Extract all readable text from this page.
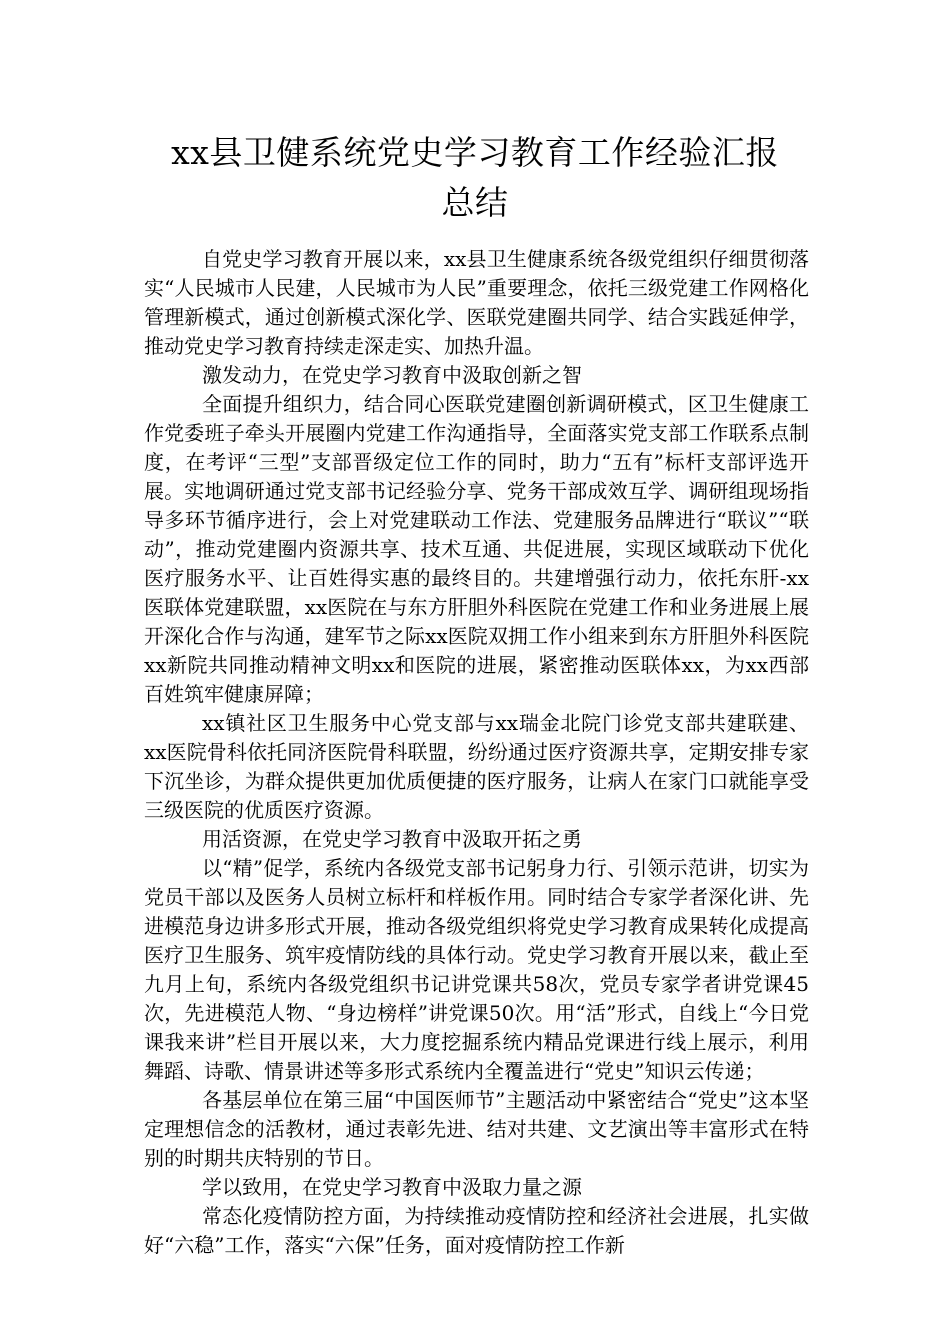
xx县卫健系统党史学习教育工作经验汇报
总结

自党史学习教育开展以来，xx县卫生健康系统各级党组织仔细贯彻落实“人民城市人民建，人民城市为人民”重要理念，依托三级党建工作网格化管理新模式，通过创新模式深化学、医联党建圈共同学、结合实践延伸学，推动党史学习教育持续走深走实、加热升温。

激发动力，在党史学习教育中汲取创新之智

全面提升组织力，结合同心医联党建圈创新调研模式，区卫生健康工作党委班子牵头开展圈内党建工作沟通指导，全面落实党支部工作联系点制度，在考评“三型”支部晋级定位工作的同时，助力“五有”标杆支部评选开展。实地调研通过党支部书记经验分享、党务干部成效互学、调研组现场指导多环节循序进行，会上对党建联动工作法、党建服务品牌进行“联议”“联动”，推动党建圈内资源共享、技术互通、共促进展，实现区域联动下优化医疗服务水平、让百姓得实惠的最终目的。共建增强行动力，依托东肝-xx医联体党建联盟，xx医院在与东方肝胆外科医院在党建工作和业务进展上展开深化合作与沟通，建军节之际xx医院双拥工作小组来到东方肝胆外科医院xx新院共同推动精神文明xx和医院的进展，紧密推动医联体xx，为xx西部百姓筑牢健康屏障；

xx镇社区卫生服务中心党支部与xx瑞金北院门诊党支部共建联建、xx医院骨科依托同济医院骨科联盟，纷纷通过医疗资源共享，定期安排专家下沉坐诊，为群众提供更加优质便捷的医疗服务，让病人在家门口就能享受三级医院的优质医疗资源。

用活资源，在党史学习教育中汲取开拓之勇

以“精”促学，系统内各级党支部书记躬身力行、引领示范讲，切实为党员干部以及医务人员树立标杆和样板作用。同时结合专家学者深化讲、先进模范身边讲多形式开展，推动各级党组织将党史学习教育成果转化成提高医疗卫生服务、筑牢疫情防线的具体行动。党史学习教育开展以来，截止至九月上旬，系统内各级党组织书记讲党课共58次，党员专家学者讲党课45次，先进模范人物、“身边榜样”讲党课50次。用“活”形式，自线上“今日党课我来讲”栏目开展以来，大力度挖掘系统内精品党课进行线上展示，利用舞蹈、诗歌、情景讲述等多形式系统内全覆盖进行“党史”知识云传递；

各基层单位在第三届“中国医师节”主题活动中紧密结合“党史”这本坚定理想信念的活教材，通过表彰先进、结对共建、文艺演出等丰富形式在特别的时期共庆特别的节日。

学以致用，在党史学习教育中汲取力量之源

常态化疫情防控方面，为持续推动疫情防控和经济社会进展，扎实做好“六稳”工作，落实“六保”任务，面对疫情防控工作新
